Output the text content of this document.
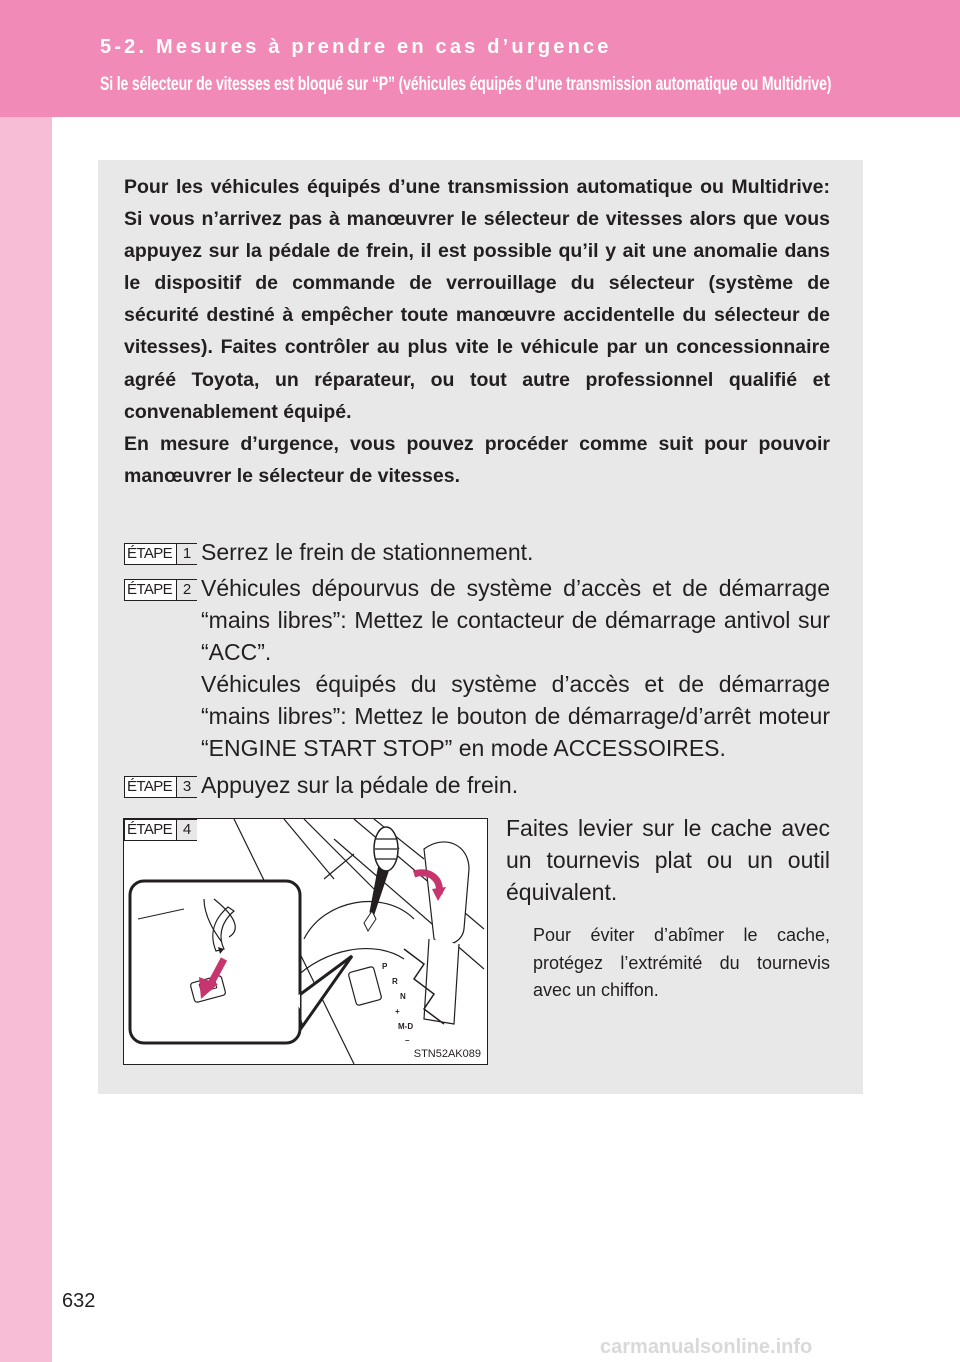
5-2. Mesures à prendre en cas d’urgence
Si le sélecteur de vitesses est bloqué sur “P” (véhicules équipés d’une transmission automatique ou Multidrive)

Pour les véhicules équipés d’une transmission automatique ou Multidrive: Si vous n’arrivez pas à manœuvrer le sélecteur de vitesses alors que vous appuyez sur la pédale de frein, il est possible qu’il y ait une anomalie dans le dispositif de commande de verrouillage du sélecteur (système de sécurité destiné à empêcher toute manœuvre accidentelle du sélecteur de vitesses). Faites contrôler au plus vite le véhicule par un concessionnaire agréé Toyota, un réparateur, ou tout autre professionnel qualifié et convenablement équipé.

En mesure d’urgence, vous pouvez procéder comme suit pour pouvoir manœuvrer le sélecteur de vitesses.

ÉTAPE 1 Serrez le frein de stationnement.

ÉTAPE 2 Véhicules dépourvus de système d’accès et de démarrage “mains libres”: Mettez le contacteur de démarrage antivol sur “ACC”.

Véhicules équipés du système d’accès et de démarrage “mains libres”: Mettez le bouton de démarrage/d’arrêt moteur “ENGINE START STOP” en mode ACCESSOIRES.

ÉTAPE 3 Appuyez sur la pédale de frein.

P
R
N
+
M-D
–
ÉTAPE 4
STN52AK089
Faites levier sur le cache avec un tournevis plat ou un outil équivalent.
Pour éviter d’abîmer le cache, protégez l’extrémité du tournevis avec un chiffon.
632
carmanualsonline.info
